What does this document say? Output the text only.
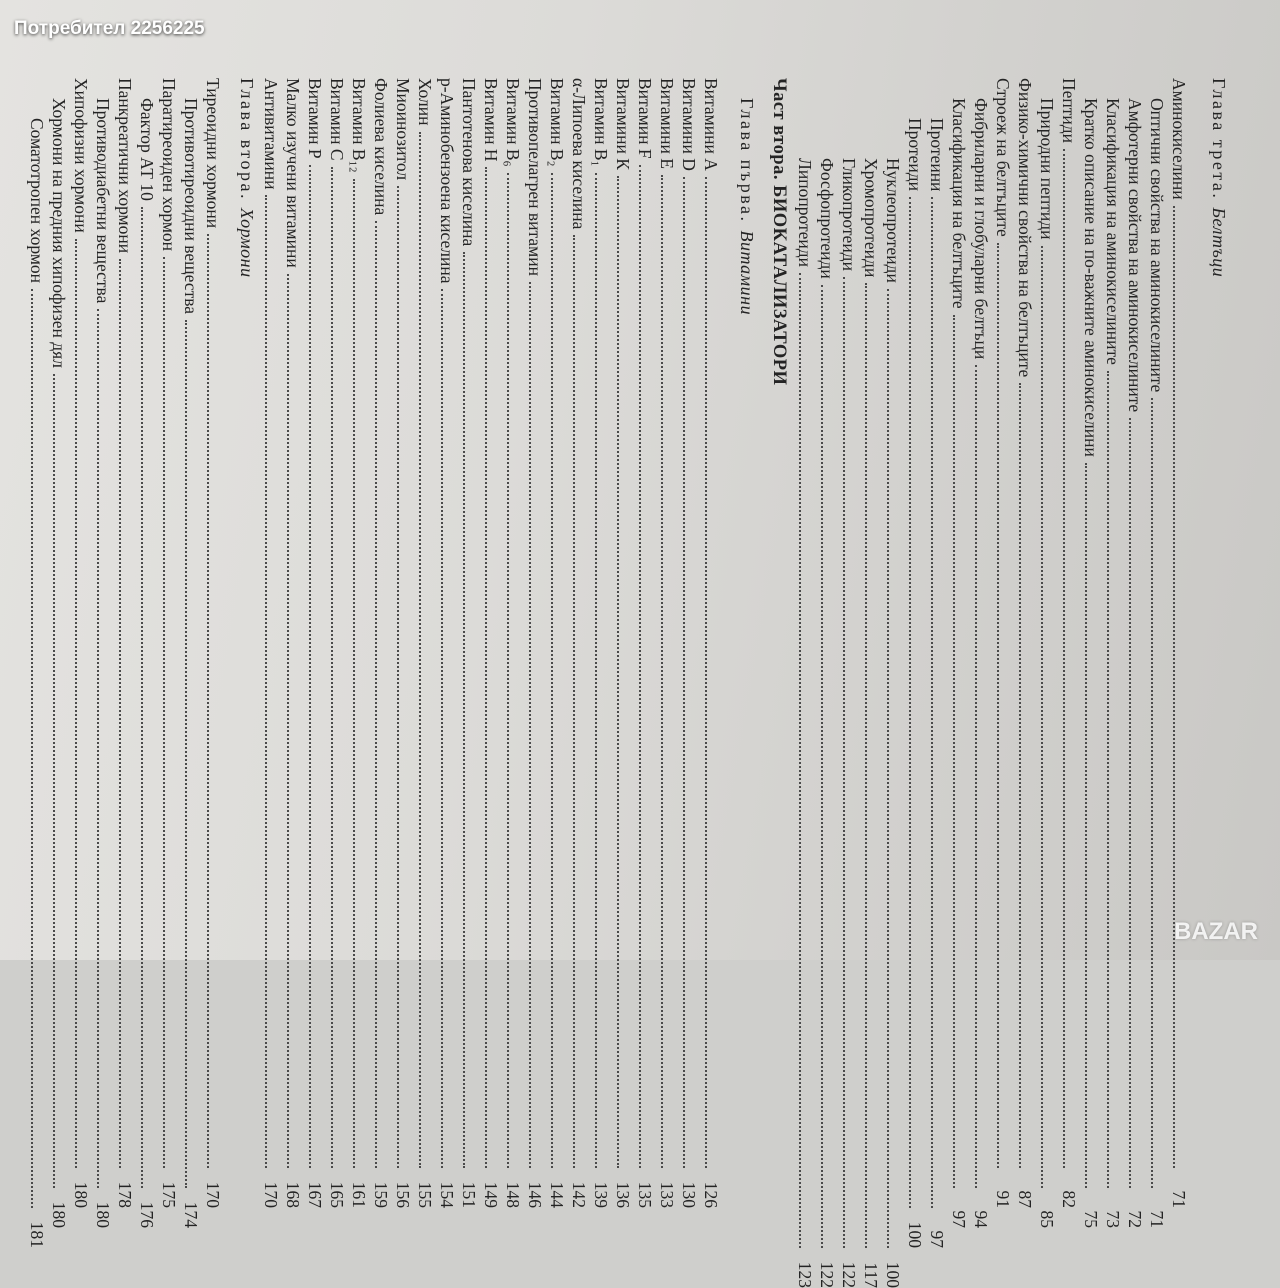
Потребител 2256225
Глава трета.

Белтъци
Аминокиселини
71
Оптични свойства на аминокиселините
71
Амфотерни свойства на аминокиселините
72
Класификация на аминокиселините
73
Кратко описание на по-важните аминокиселини
75
Пептиди
82
Природни пептиди
85
Физико-химични свойства на белтъците
87
Строеж на белтъците
91
Фибриларни и глобуларни белтъци
94
Класификация на белтъците
97
Протеини
97
Протеиди
100
Нуклеопротеиди
100
Хромопротеиди
117
Гликопротеиди
122
Фосфопротеиди
122
Липопротеиди
123
Част втора. БИОКАТАЛИЗАТОРИ
Глава първа.

Витамини
Витамини А
126
Витамини D
130
Витамини Е
133
Витамин F
135
Витамини К
136
Витамин B₁
139
α-Липоева киселина
142
Витамин B₂
144
Противопелагрен витамин
146
Витамин B₆
148
Витамин Н
149
Пантотенова киселина
151
р-Аминобензоена киселина
154
Холин
155
Миоинозитол
156
Фолиева киселина
159
Витамин B₁₂
161
Витамин С
165
Витамин Р
167
Малко изучени витамини
168
Антивитамини
170
Глава втора.

Хормони
Тиреоидни хормони
170
Противотиреоидни вещества
174
Паратиреоиден хормон
175
Фактор АТ 10
176
Панкреатични хормони
178
Противодиабетни вещества
180
Хипофизни хормони
180
Хормони на предния хипофизен дял
180
Соматотропен хормон
181
BAZAR
